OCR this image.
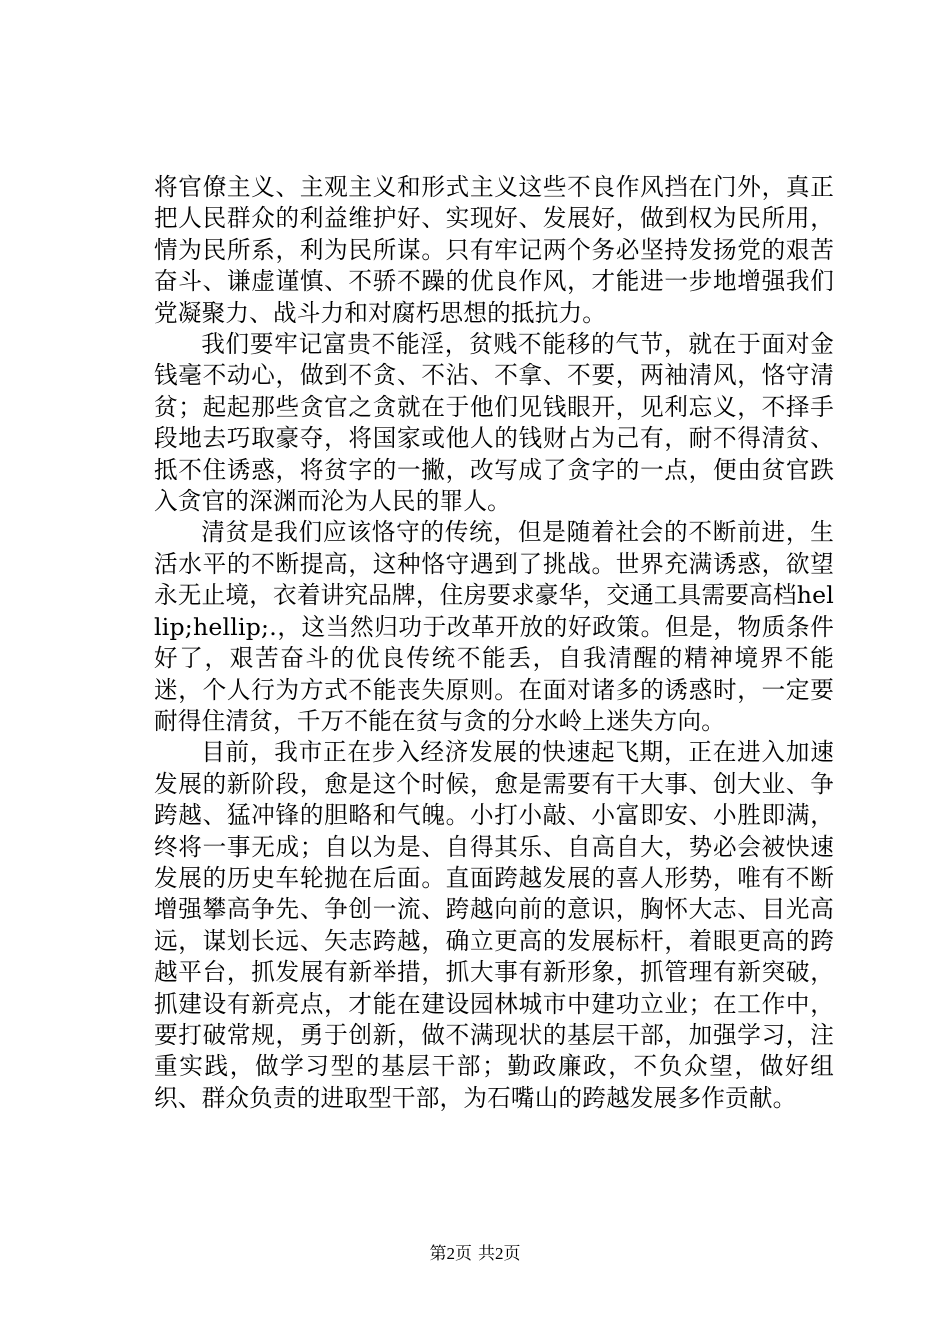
将官僚主义、主观主义和形式主义这些不良作风挡在门外，真正把人民群众的利益维护好、实现好、发展好，做到权为民所用，情为民所系，利为民所谋。只有牢记两个务必坚持发扬党的艰苦奋斗、谦虚谨慎、不骄不躁的优良作风，才能进一步地增强我们党凝聚力、战斗力和对腐朽思想的抵抗力。

我们要牢记富贵不能淫，贫贱不能移的气节，就在于面对金钱毫不动心，做到不贪、不沾、不拿、不要，两袖清风，恪守清贫；起起那些贪官之贪就在于他们见钱眼开，见利忘义，不择手段地去巧取豪夺，将国家或他人的钱财占为己有，耐不得清贫、抵不住诱惑，将贫字的一撇，改写成了贪字的一点，便由贫官跌入贪官的深渊而沦为人民的罪人。

清贫是我们应该恪守的传统，但是随着社会的不断前进，生活水平的不断提高，这种恪守遇到了挑战。世界充满诱惑，欲望永无止境，衣着讲究品牌，住房要求豪华，交通工具需要高档hellip;hellip;.，这当然归功于改革开放的好政策。但是，物质条件好了，艰苦奋斗的优良传统不能丢，自我清醒的精神境界不能迷，个人行为方式不能丧失原则。在面对诸多的诱惑时，一定要耐得住清贫，千万不能在贫与贪的分水岭上迷失方向。

目前，我市正在步入经济发展的快速起飞期，正在进入加速发展的新阶段，愈是这个时候，愈是需要有干大事、创大业、争跨越、猛冲锋的胆略和气魄。小打小敲、小富即安、小胜即满，终将一事无成；自以为是、自得其乐、自高自大，势必会被快速发展的历史车轮抛在后面。直面跨越发展的喜人形势，唯有不断增强攀高争先、争创一流、跨越向前的意识，胸怀大志、目光高远，谋划长远、矢志跨越，确立更高的发展标杆，着眼更高的跨越平台，抓发展有新举措，抓大事有新形象，抓管理有新突破，抓建设有新亮点，才能在建设园林城市中建功立业；在工作中，要打破常规，勇于创新，做不满现状的基层干部，加强学习，注重实践，做学习型的基层干部；勤政廉政，不负众望，做好组织、群众负责的进取型干部，为石嘴山的跨越发展多作贡献。

第2页 共2页
